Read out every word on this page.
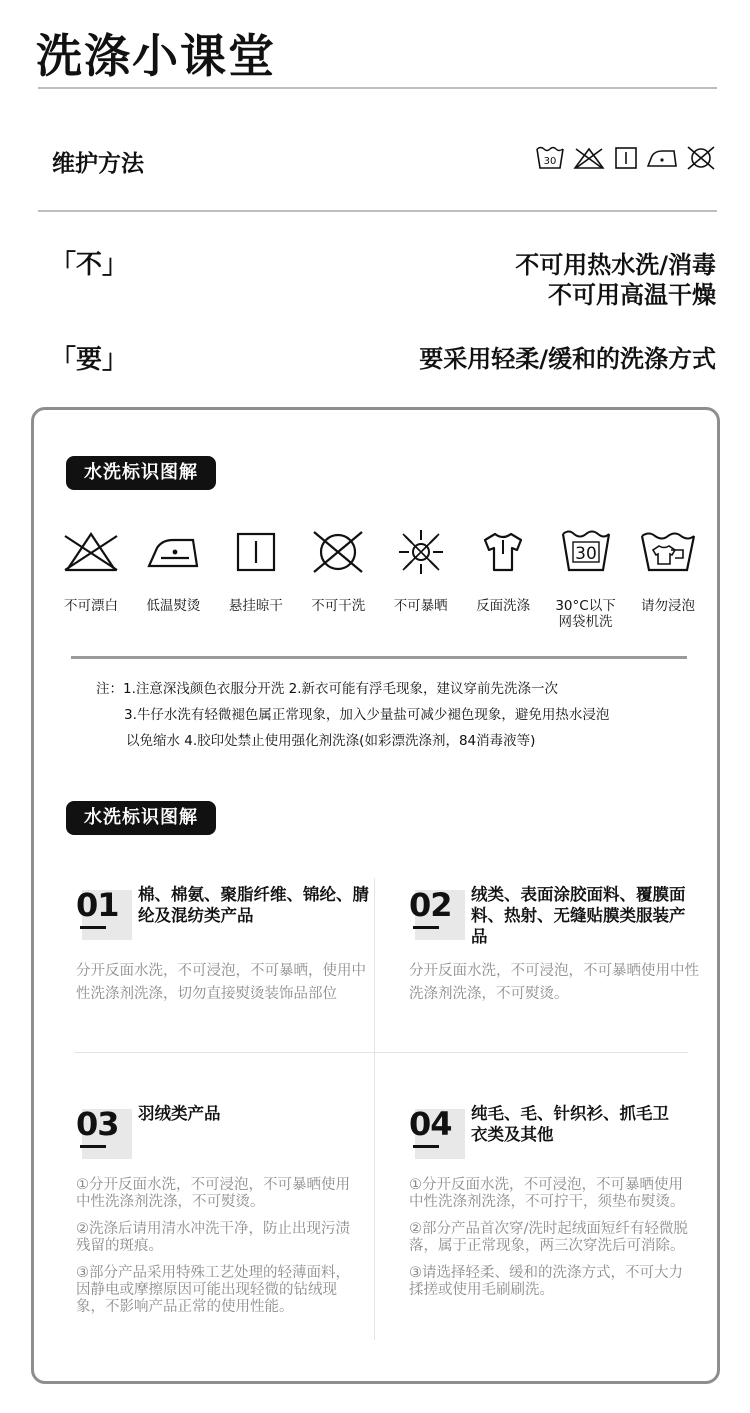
洗涤小课堂
维护方法	30
「不」	不可用热水洗/消毒
不可用高温干燥
「要」	要采用轻柔/缓和的洗涤方式
水洗标识图解
不可漂白 低温熨烫 悬挂晾干 不可干洗 不可暴晒 反面洗涤
30
30°C以下
网袋机洗
请勿浸泡
注：1.注意深浅颜色衣服分开洗 2.新衣可能有浮毛现象，建议穿前先洗涤一次
3.牛仔水洗有轻微褪色属正常现象，加入少量盐可减少褪色现象，避免用热水浸泡
以免缩水 4.胶印处禁止使用强化剂洗涤(如彩漂洗涤剂，84消毒液等)
水洗标识图解
01 棉、棉氨、聚脂纤维、锦纶、腈纶及混纺类产品

分开反面水洗，不可浸泡，不可暴晒，使用中性洗涤剂洗涤，切勿直接熨烫装饰品部位

02 绒类、表面涂胶面料、覆膜面料、热射、无缝贴膜类服装产品

分开反面水洗，不可浸泡，不可暴晒使用中性洗涤剂洗涤，不可熨烫。

03 羽绒类产品

①分开反面水洗，不可浸泡，不可暴晒使用中性洗涤剂洗涤，不可熨烫。

②洗涤后请用清水冲洗干净，防止出现污渍残留的斑痕。

③部分产品采用特殊工艺处理的轻薄面料，因静电或摩擦原因可能出现轻微的钻绒现象，不影响产品正常的使用性能。

04 纯毛、毛、针织衫、抓毛卫衣类及其他

①分开反面水洗，不可浸泡，不可暴晒使用中性洗涤剂洗涤，不可拧干，须垫布熨烫。

②部分产品首次穿/洗时起绒面短纤有轻微脱落，属于正常现象，两三次穿洗后可消除。

③请选择轻柔、缓和的洗涤方式，不可大力揉搓或使用毛刷刷洗。
